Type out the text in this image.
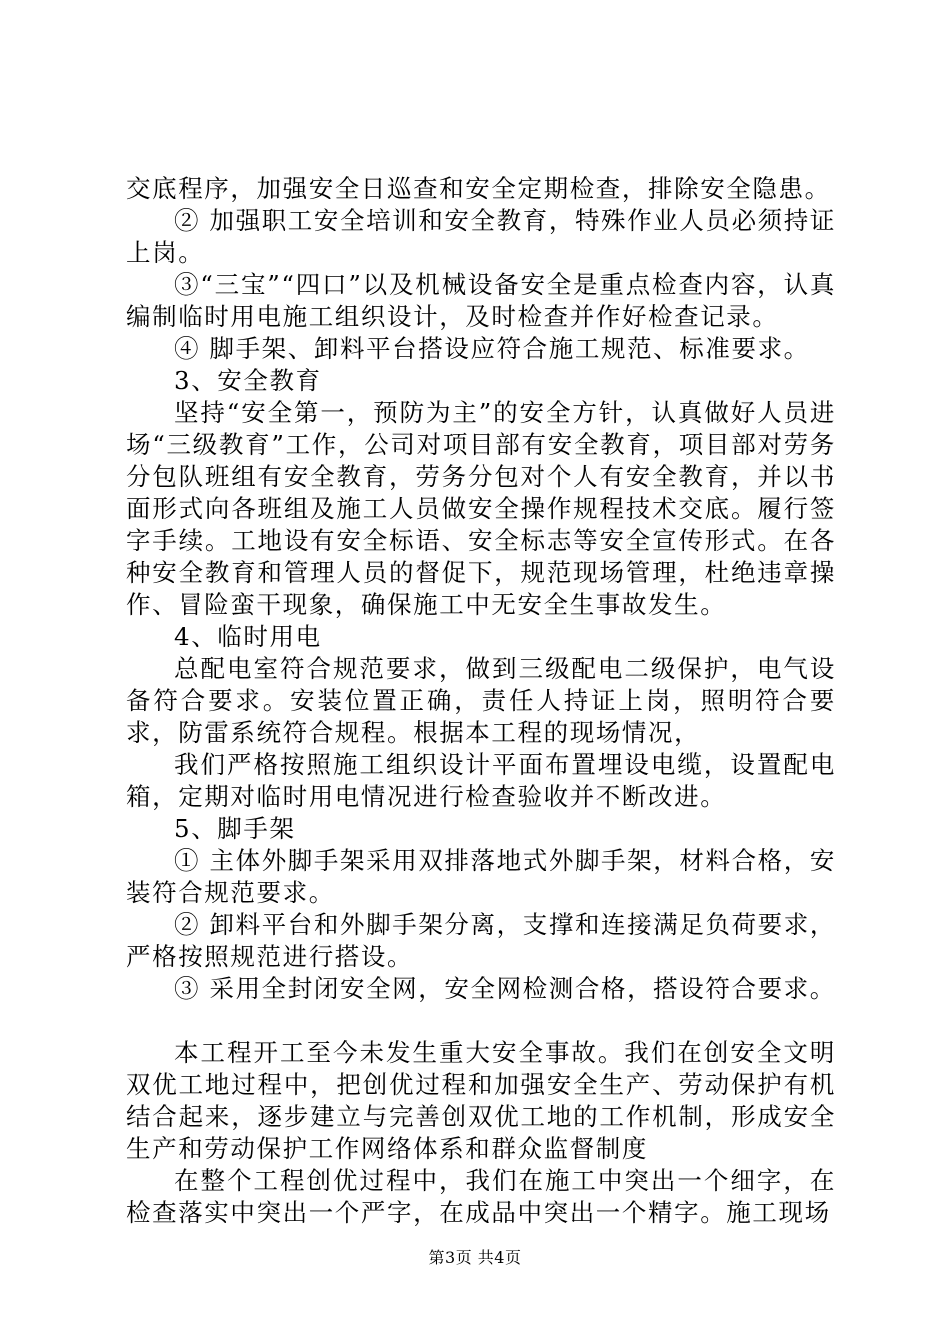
交底程序，加强安全日巡查和安全定期检查，排除安全隐患。

② 加强职工安全培训和安全教育，特殊作业人员必须持证上岗。

③“三宝”“四口”以及机械设备安全是重点检查内容，认真编制临时用电施工组织设计，及时检查并作好检查记录。

④ 脚手架、卸料平台搭设应符合施工规范、标准要求。

3、安全教育

坚持“安全第一，预防为主”的安全方针，认真做好人员进场“三级教育”工作，公司对项目部有安全教育，项目部对劳务分包队班组有安全教育，劳务分包对个人有安全教育，并以书面形式向各班组及施工人员做安全操作规程技术交底。履行签字手续。工地设有安全标语、安全标志等安全宣传形式。在各种安全教育和管理人员的督促下，规范现场管理，杜绝违章操作、冒险蛮干现象，确保施工中无安全生事故发生。

4、临时用电

总配电室符合规范要求，做到三级配电二级保护，电气设备符合要求。安装位置正确，责任人持证上岗，照明符合要求，防雷系统符合规程。根据本工程的现场情况，

我们严格按照施工组织设计平面布置埋设电缆，设置配电箱，定期对临时用电情况进行检查验收并不断改进。

5、脚手架

① 主体外脚手架采用双排落地式外脚手架，材料合格，安装符合规范要求。

② 卸料平台和外脚手架分离，支撑和连接满足负荷要求，严格按照规范进行搭设。

③ 采用全封闭安全网，安全网检测合格，搭设符合要求。

本工程开工至今未发生重大安全事故。我们在创安全文明双优工地过程中，把创优过程和加强安全生产、劳动保护有机结合起来，逐步建立与完善创双优工地的工作机制，形成安全生产和劳动保护工作网络体系和群众监督制度

在整个工程创优过程中，我们在施工中突出一个细字，在检查落实中突出一个严字，在成品中突出一个精字。施工现场

第3页 共4页
